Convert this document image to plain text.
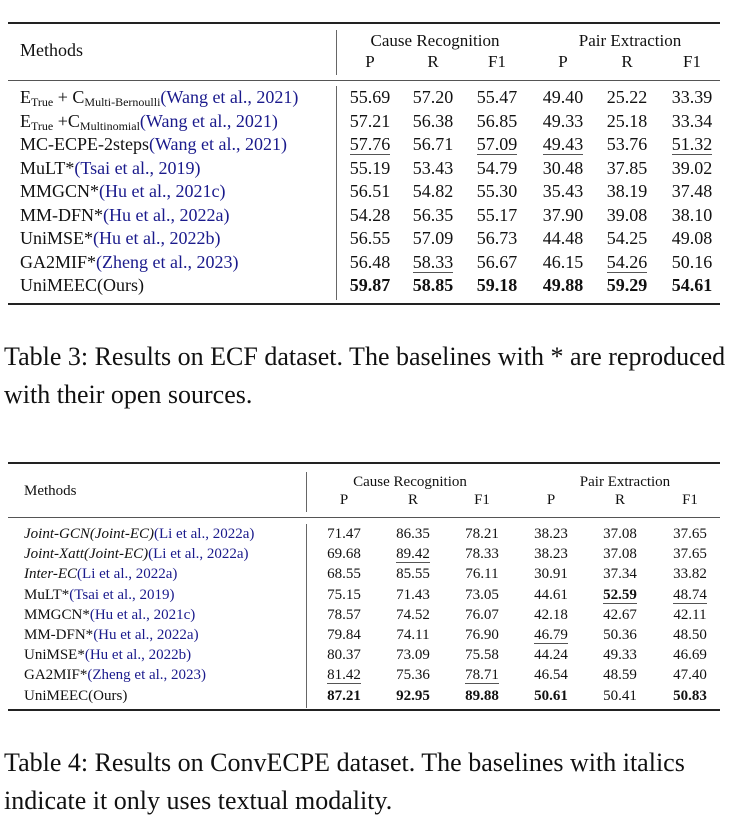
Methods	Cause Recognition	Pair Extraction
P	R	F1	P	R	F1
$E_{True}$ + $C_{Multi-Bernoulli}(Wang$ et al., 2021)	55.69	57.20	55.47	49.40	25.22	33.39
$E_{True}$ $+C_{Multinomial}(Wang$ et al., 2021)	57.21	56.38	56.85	49.33	25.18	33.34
MC-ECPE-2steps(Wang et al., 2021)	57.76	56.71	57.09	49.43	53.76	51.32
MuLT*(Tsai et al., 2019)	55.19	53.43	54.79	30.48	37.85	39.02
MMGCN*(Hu et al., 2021c)	56.51	54.82	55.30	35.43	38.19	37.48
MM-DFN*(Hu et al., 2022a)	54.28	56.35	55.17	37.90	39.08	38.10
UniMSE*(Hu et al., 2022b)	56.55	57.09	56.73	44.48	54.25	49.08
GA2MIF*(Zheng et al., 2023)	56.48	58.33	56.67	46.15	54.26	50.16
UniMEEC(Ours)	59.87	58.85	59.18	49.88	59.29	54.61
Table 3: Results on ECF dataset. The baselines with * are reproduced with their open sources.
Methods
Cause Recognition	Pair Extraction
P	R	F1	P	R	F1
Joint-GCN(Joint-EC)(Li et al., 2022a)	71.47	86.35	78.21	38.23	37.08	37.65
Joint-Xatt(Joint-EC)(Li et al., 2022a)	69.68	89.42	78.33	38.23	37.08	37.65
Inter-EC(Li et al., 2022a)	68.55	85.55	76.11	30.91	37.34	33.82
MuLT*(Tsai et al., 2019)	75.15	71.43	73.05	44.61	52.59	48.74
MMGCN*(Hu et al., 2021c)	78.57	74.52	76.07	42.18	42.67	42.11
MM-DFN*(Hu et al., 2022a)	79.84	74.11	76.90	46.79	50.36	48.50
UniMSE*(Hu et al., 2022b)	80.37	73.09	75.58	44.24	49.33	46.69
GA2MIF*(Zheng et al., 2023)	81.42	75.36	78.71	46.54	48.59	47.40
UniMEEC(Ours)	87.21	92.95	89.88	50.61	50.41	50.83
Table 4: Results on ConvECPE dataset. The baselines with italics indicate it only uses textual modality.
